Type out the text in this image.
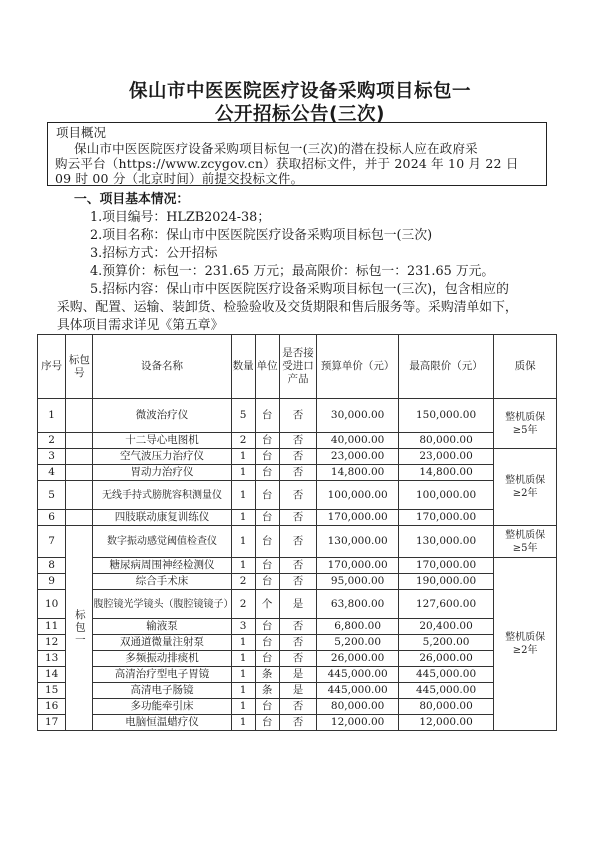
保山市中医医院医疗设备采购项目标包一
公开招标公告(三次)
项目概况
保山市中医医院医疗设备采购项目标包一(三次)的潜在投标人应在政府采
购云平台（https://www.zcygov.cn）获取招标文件，并于 2024 年 10 月 22 日
09 时 00 分（北京时间）前提交投标文件。
一、项目基本情况：
1.项目编号：HLZB2024-38；
2.项目名称：保山市中医医院医疗设备采购项目标包一(三次)
3.招标方式：公开招标
4.预算价：标包一：231.65 万元；最高限价：标包一：231.65 万元。
5.招标内容：保山市中医医院医疗设备采购项目标包一(三次)，包含相应的
采购、配置、运输、装卸货、检验验收及交货期限和售后服务等。采购清单如下，
序号	标包号	设备名称	数量	单位	是否接受进口产品	预算单价（元）	最高限价（元）	质保
1		微波治疗仪	5	台	否	30,000.00	150,000.00	整机质保≥5年
2		十二导心电图机	2	台	否	40,000.00	80,000.00	
3		空气波压力治疗仪	1	台	否	23,000.00	23,000.00	整机质保≥2年
4		胃动力治疗仪	1	台	否	14,800.00	14,800.00	
5		无线手持式膀胱容积测量仪	1	台	否	100,000.00	100,000.00	
6		四肢联动康复训练仪	1	台	否	170,000.00	170,000.00	
7	标包一	数字振动感觉阈值检查仪	1	台	否	130,000.00	130,000.00	整机质保≥5年
8		糖尿病周围神经检测仪	1	台	否	170,000.00	170,000.00	整机质保≥2年
9		综合手术床	2	台	否	95,000.00	190,000.00	
10		腹腔镜光学镜头（腹腔镜镜子）	2	个	是	63,800.00	127,600.00	
11		输液泵	3	台	否	6,800.00	20,400.00	
12		双通道微量注射泵	1	台	否	5,200.00	5,200.00	
13		多频振动排痰机	1	台	否	26,000.00	26,000.00	
14		高清治疗型电子胃镜	1	条	是	445,000.00	445,000.00	
15		高清电子肠镜	1	条	是	445,000.00	445,000.00	
16		多功能牵引床	1	台	否	80,000.00	80,000.00	
17		电脑恒温蜡疗仪	1	台	否	12,000.00	12,000.00	
具体项目需求详见《第五章》
